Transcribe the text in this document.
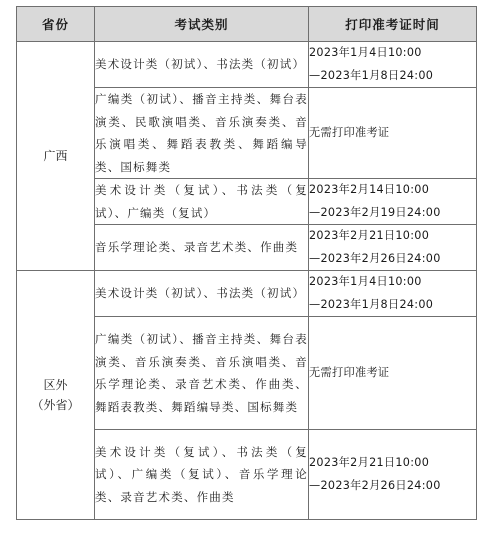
省份	考试类别	打印准考证时间

广西	美术设计类（初试）、书法类（初试）	2023年1月4日10:00
—2023年1月8日24:00

	广编类（初试）、播音主持类、舞台表演类、民歌演唱类、音乐演奏类、音乐演唱类、舞蹈表教类、舞蹈编导类、国标舞类	无需打印准考证

	美术设计类（复试）、书法类（复试）、广编类（复试）	2023年2月14日10:00
—2023年2月19日24:00

	音乐学理论类、录音艺术类、作曲类	2023年2月21日10:00
—2023年2月26日24:00

区外
（外省）	美术设计类（初试）、书法类（初试）	2023年1月4日10:00
—2023年1月8日24:00

	广编类（初试）、播音主持类、舞台表演类、音乐演奏类、音乐演唱类、音乐学理论类、录音艺术类、作曲类、舞蹈表教类、舞蹈编导类、国标舞类	无需打印准考证

	美术设计类（复试）、书法类（复试）、广编类（复试）、音乐学理论类、录音艺术类、作曲类	2023年2月21日10:00
—2023年2月26日24:00
